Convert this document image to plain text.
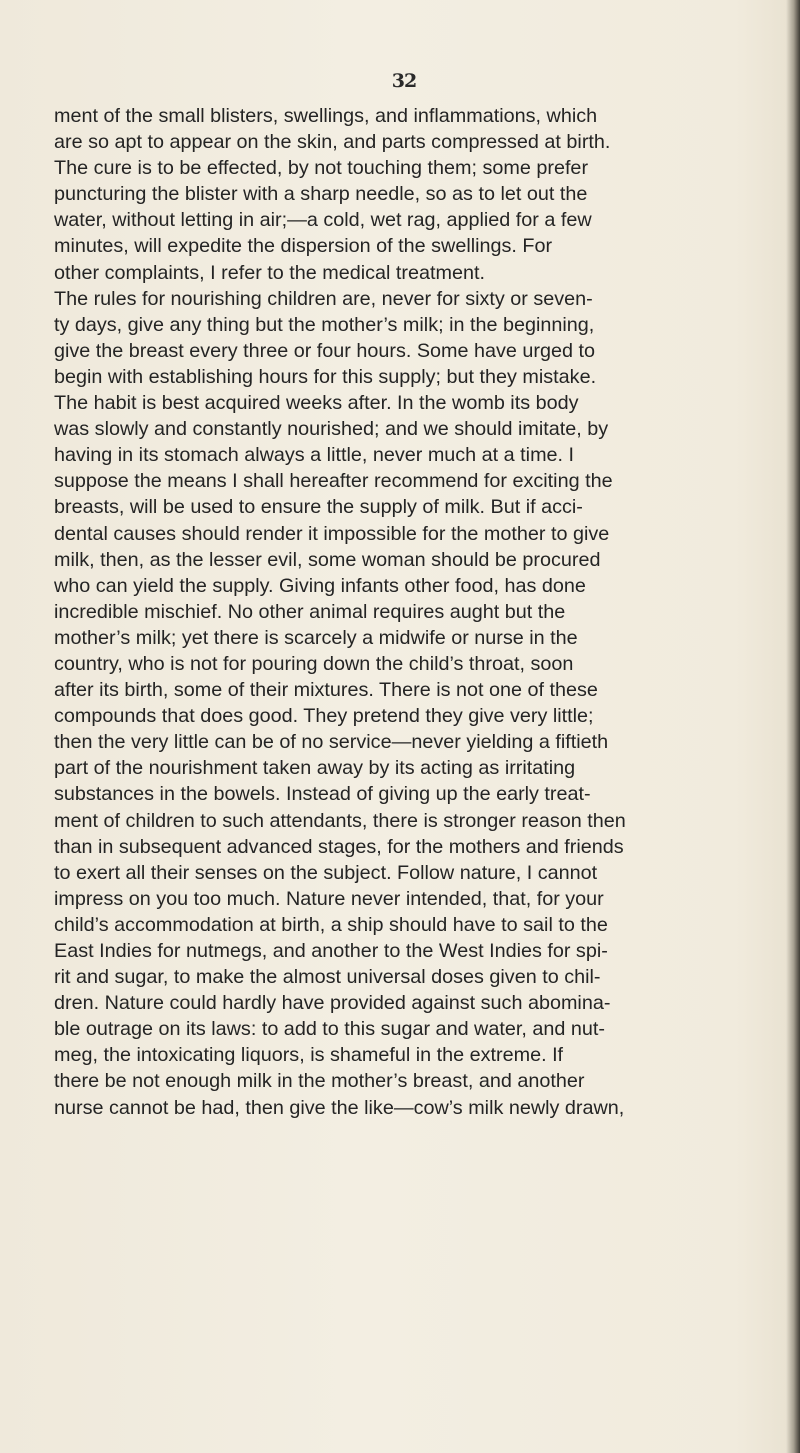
32
ment of the small blisters, swellings, and inflammations, which
are so apt to appear on the skin, and parts compressed at birth.
The cure is to be effected, by not touching them; some prefer
puncturing the blister with a sharp needle, so as to let out the
water, without letting in air;—a cold, wet rag, applied for a few
minutes, will expedite the dispersion of the swellings. For
other complaints, I refer to the medical treatment.
The rules for nourishing children are, never for sixty or seven-
ty days, give any thing but the mother’s milk; in the beginning,
give the breast every three or four hours. Some have urged to
begin with establishing hours for this supply; but they mistake.
The habit is best acquired weeks after. In the womb its body
was slowly and constantly nourished; and we should imitate, by
having in its stomach always a little, never much at a time. I
suppose the means I shall hereafter recommend for exciting the
breasts, will be used to ensure the supply of milk. But if acci-
dental causes should render it impossible for the mother to give
milk, then, as the lesser evil, some woman should be procured
who can yield the supply. Giving infants other food, has done
incredible mischief. No other animal requires aught but the
mother’s milk; yet there is scarcely a midwife or nurse in the
country, who is not for pouring down the child’s throat, soon
after its birth, some of their mixtures. There is not one of these
compounds that does good. They pretend they give very little;
then the very little can be of no service—never yielding a fiftieth
part of the nourishment taken away by its acting as irritating
substances in the bowels. Instead of giving up the early treat-
ment of children to such attendants, there is stronger reason then
than in subsequent advanced stages, for the mothers and friends
to exert all their senses on the subject. Follow nature, I cannot
impress on you too much. Nature never intended, that, for your
child’s accommodation at birth, a ship should have to sail to the
East Indies for nutmegs, and another to the West Indies for spi-
rit and sugar, to make the almost universal doses given to chil-
dren. Nature could hardly have provided against such abomina-
ble outrage on its laws: to add to this sugar and water, and nut-
meg, the intoxicating liquors, is shameful in the extreme. If
there be not enough milk in the mother’s breast, and another
nurse cannot be had, then give the like—cow’s milk newly drawn,
